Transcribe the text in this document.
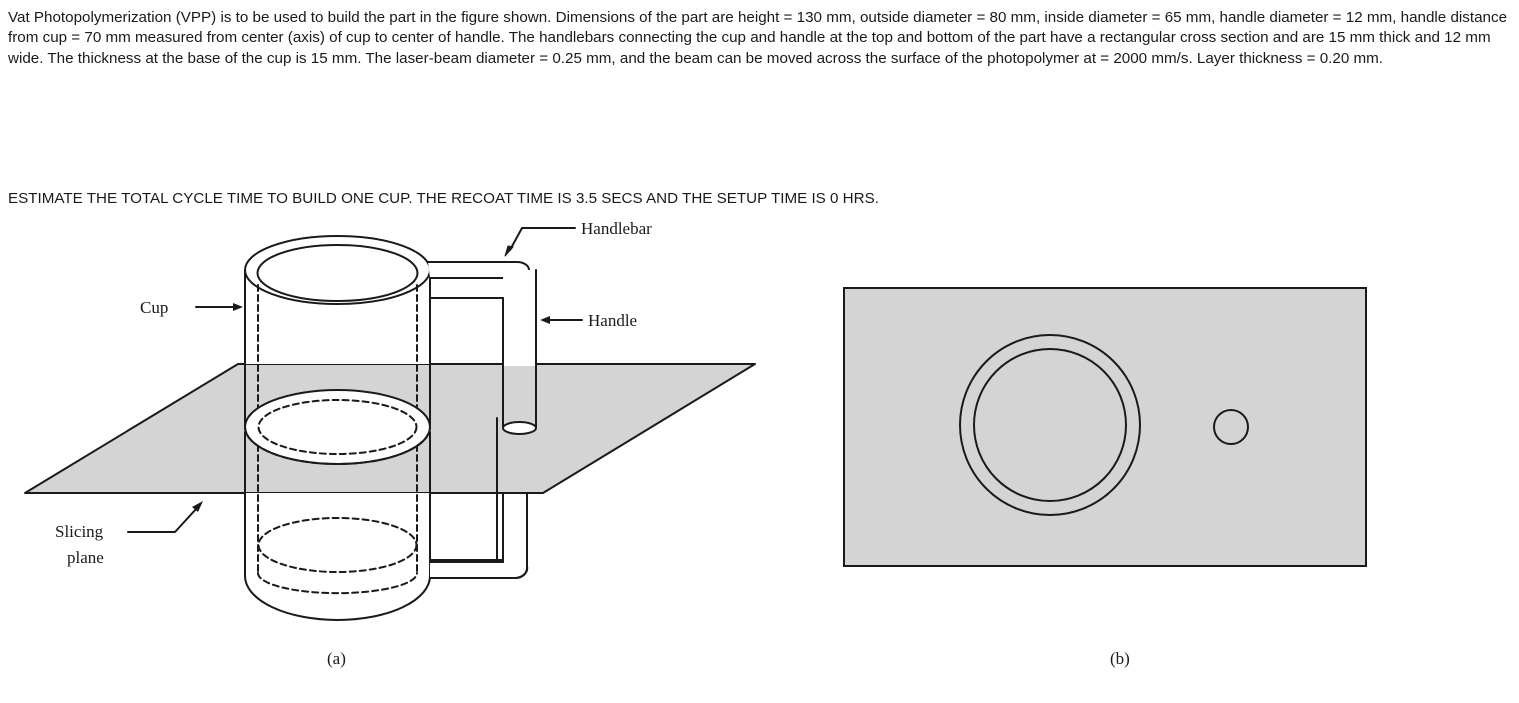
Vat Photopolymerization (VPP) is to be used to build the part in the figure shown. Dimensions of the part are height = 130 mm, outside diameter = 80 mm, inside diameter = 65 mm, handle diameter = 12 mm, handle distance from cup = 70 mm measured from center (axis) of cup to center of handle. The handlebars connecting the cup and handle at the top and bottom of the part have a rectangular cross section and are 15 mm thick and 12 mm wide. The thickness at the base of the cup is 15 mm. The laser-beam diameter = 0.25 mm, and the beam can be moved across the surface of the photopolymer at = 2000 mm/s. Layer thickness = 0.20 mm.

ESTIMATE THE TOTAL CYCLE TIME TO BUILD ONE CUP. THE RECOAT TIME IS 3.5 SECS AND THE SETUP TIME IS 0 HRS.

Handlebar
Cup
Handle
Slicing
plane
(a)	(b)
